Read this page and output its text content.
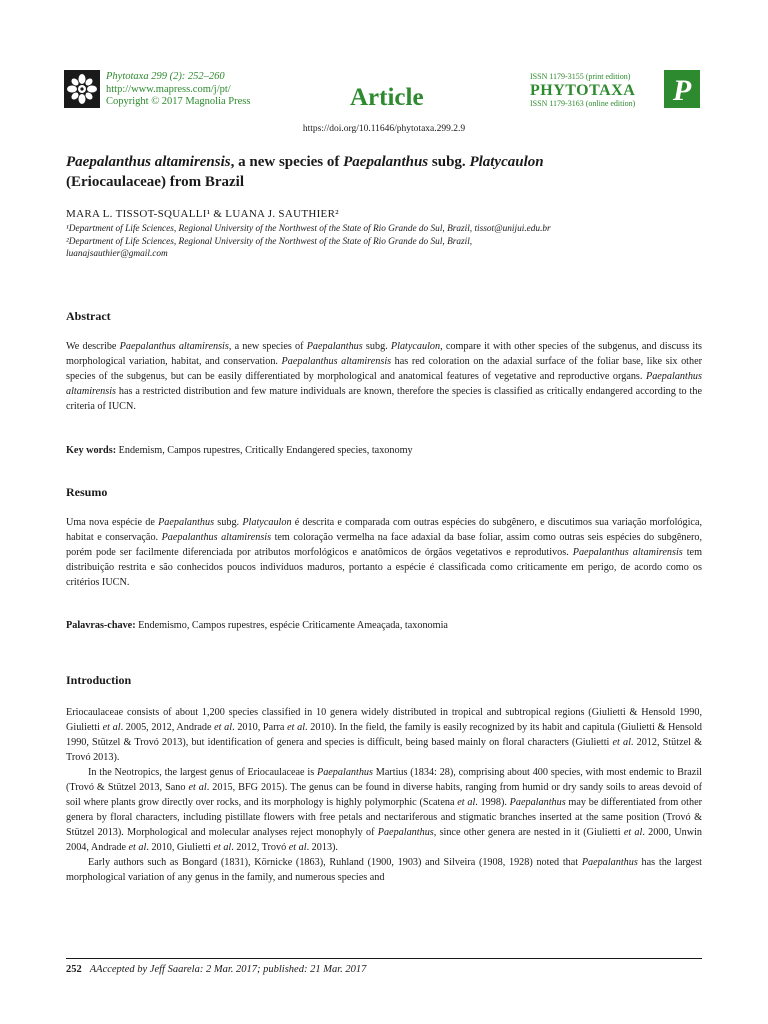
Phytotaxa 299 (2): 252–260
http://www.mapress.com/j/pt/
Copyright © 2017 Magnolia Press	Article
ISSN 1179-3155 (print edition)
PHYTOTAXA
ISSN 1179-3163 (online edition)	P
https://doi.org/10.11646/phytotaxa.299.2.9
Paepalanthus altamirensis, a new species of Paepalanthus subg. Platycaulon
(Eriocaulaceae) from Brazil
MARA L. TISSOT-SQUALLI¹ & LUANA J. SAUTHIER²
¹Department of Life Sciences, Regional University of the Northwest of the State of Rio Grande do Sul, Brazil, tissot@unijui.edu.br
²Department of Life Sciences, Regional University of the Northwest of the State of Rio Grande do Sul, Brazil,
luanajsauthier@gmail.com
Abstract

We describe Paepalanthus altamirensis, a new species of Paepalanthus subg. Platycaulon, compare it with other species of the subgenus, and discuss its morphological variation, habitat, and conservation. Paepalanthus altamirensis has red coloration on the adaxial surface of the foliar base, like six other species of the subgenus, but can be easily differentiated by morphological and anatomical features of vegetative and reproductive organs. Paepalanthus altamirensis has a restricted distribution and few mature individuals are known, therefore the species is classified as critically endangered according to the criteria of IUCN.

Key words: Endemism, Campos rupestres, Critically Endangered species, taxonomy
Resumo

Uma nova espécie de Paepalanthus subg. Platycaulon é descrita e comparada com outras espécies do subgênero, e discutimos sua variação morfológica, habitat e conservação. Paepalanthus altamirensis tem coloração vermelha na face adaxial da base foliar, assim como outras seis espécies do subgênero, porém pode ser facilmente diferenciada por atributos morfológicos e anatômicos de órgãos vegetativos e reprodutivos. Paepalanthus altamirensis tem distribuição restrita e são conhecidos poucos indivíduos maduros, portanto a espécie é classificada como criticamente em perigo, de acordo como os critérios IUCN.

Palavras-chave: Endemismo, Campos rupestres, espécie Criticamente Ameaçada, taxonomia
Introduction

Eriocaulaceae consists of about 1,200 species classified in 10 genera widely distributed in tropical and subtropical regions (Giulietti & Hensold 1990, Giulietti et al. 2005, 2012, Andrade et al. 2010, Parra et al. 2010). In the field, the family is easily recognized by its habit and capitula (Giulietti & Hensold 1990, Stützel & Trovó 2013), but identification of genera and species is difficult, being based mainly on floral characters (Giulietti et al. 2012, Stützel & Trovó 2013).

In the Neotropics, the largest genus of Eriocaulaceae is Paepalanthus Martius (1834: 28), comprising about 400 species, with most endemic to Brazil (Trovó & Stützel 2013, Sano et al. 2015, BFG 2015). The genus can be found in diverse habits, ranging from humid or dry sandy soils to areas devoid of soil where plants grow directly over rocks, and its morphology is highly polymorphic (Scatena et al. 1998). Paepalanthus may be differentiated from other genera by floral characters, including pistillate flowers with free petals and nectariferous and stigmatic branches inserted at the same position (Trovó & Stützel 2013). Morphological and molecular analyses reject monophyly of Paepalanthus, since other genera are nested in it (Giulietti et al. 2000, Unwin 2004, Andrade et al. 2010, Giulietti et al. 2012, Trovó et al. 2013).

Early authors such as Bongard (1831), Körnicke (1863), Ruhland (1900, 1903) and Silveira (1908, 1928) noted that Paepalanthus has the largest morphological variation of any genus in the family, and numerous species and

252 AAccepted by Jeff Saarela: 2 Mar. 2017; published: 21 Mar. 2017
